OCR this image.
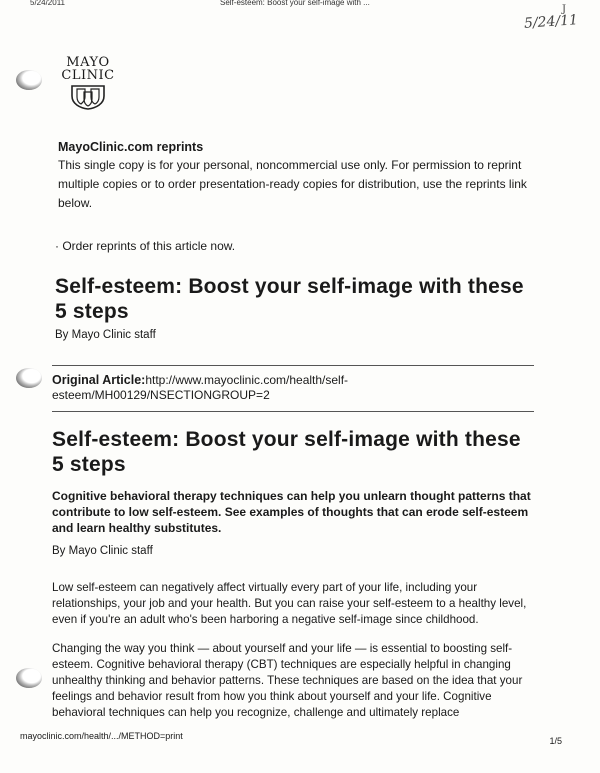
5/24/2011	Self-esteem: Boost your self-image with ...
J
5/24/11
MAYO
CLINIC
MayoClinic.com reprints
This single copy is for your personal, noncommercial use only. For permission to reprint multiple copies or to order presentation-ready copies for distribution, use the reprints link below.
· Order reprints of this article now.
Self-esteem: Boost your self-image with these 5 steps
By Mayo Clinic staff
Original Article:http://www.mayoclinic.com/health/self-esteem/MH00129/NSECTIONGROUP=2
Self-esteem: Boost your self-image with these 5 steps
Cognitive behavioral therapy techniques can help you unlearn thought patterns that contribute to low self-esteem. See examples of thoughts that can erode self-esteem and learn healthy substitutes.
By Mayo Clinic staff
Low self-esteem can negatively affect virtually every part of your life, including your relationships, your job and your health. But you can raise your self-esteem to a healthy level, even if you're an adult who's been harboring a negative self-image since childhood.
Changing the way you think — about yourself and your life — is essential to boosting self-esteem. Cognitive behavioral therapy (CBT) techniques are especially helpful in changing unhealthy thinking and behavior patterns. These techniques are based on the idea that your feelings and behavior result from how you think about yourself and your life. Cognitive behavioral techniques can help you recognize, challenge and ultimately replace
mayoclinic.com/health/.../METHOD=print	1/5
